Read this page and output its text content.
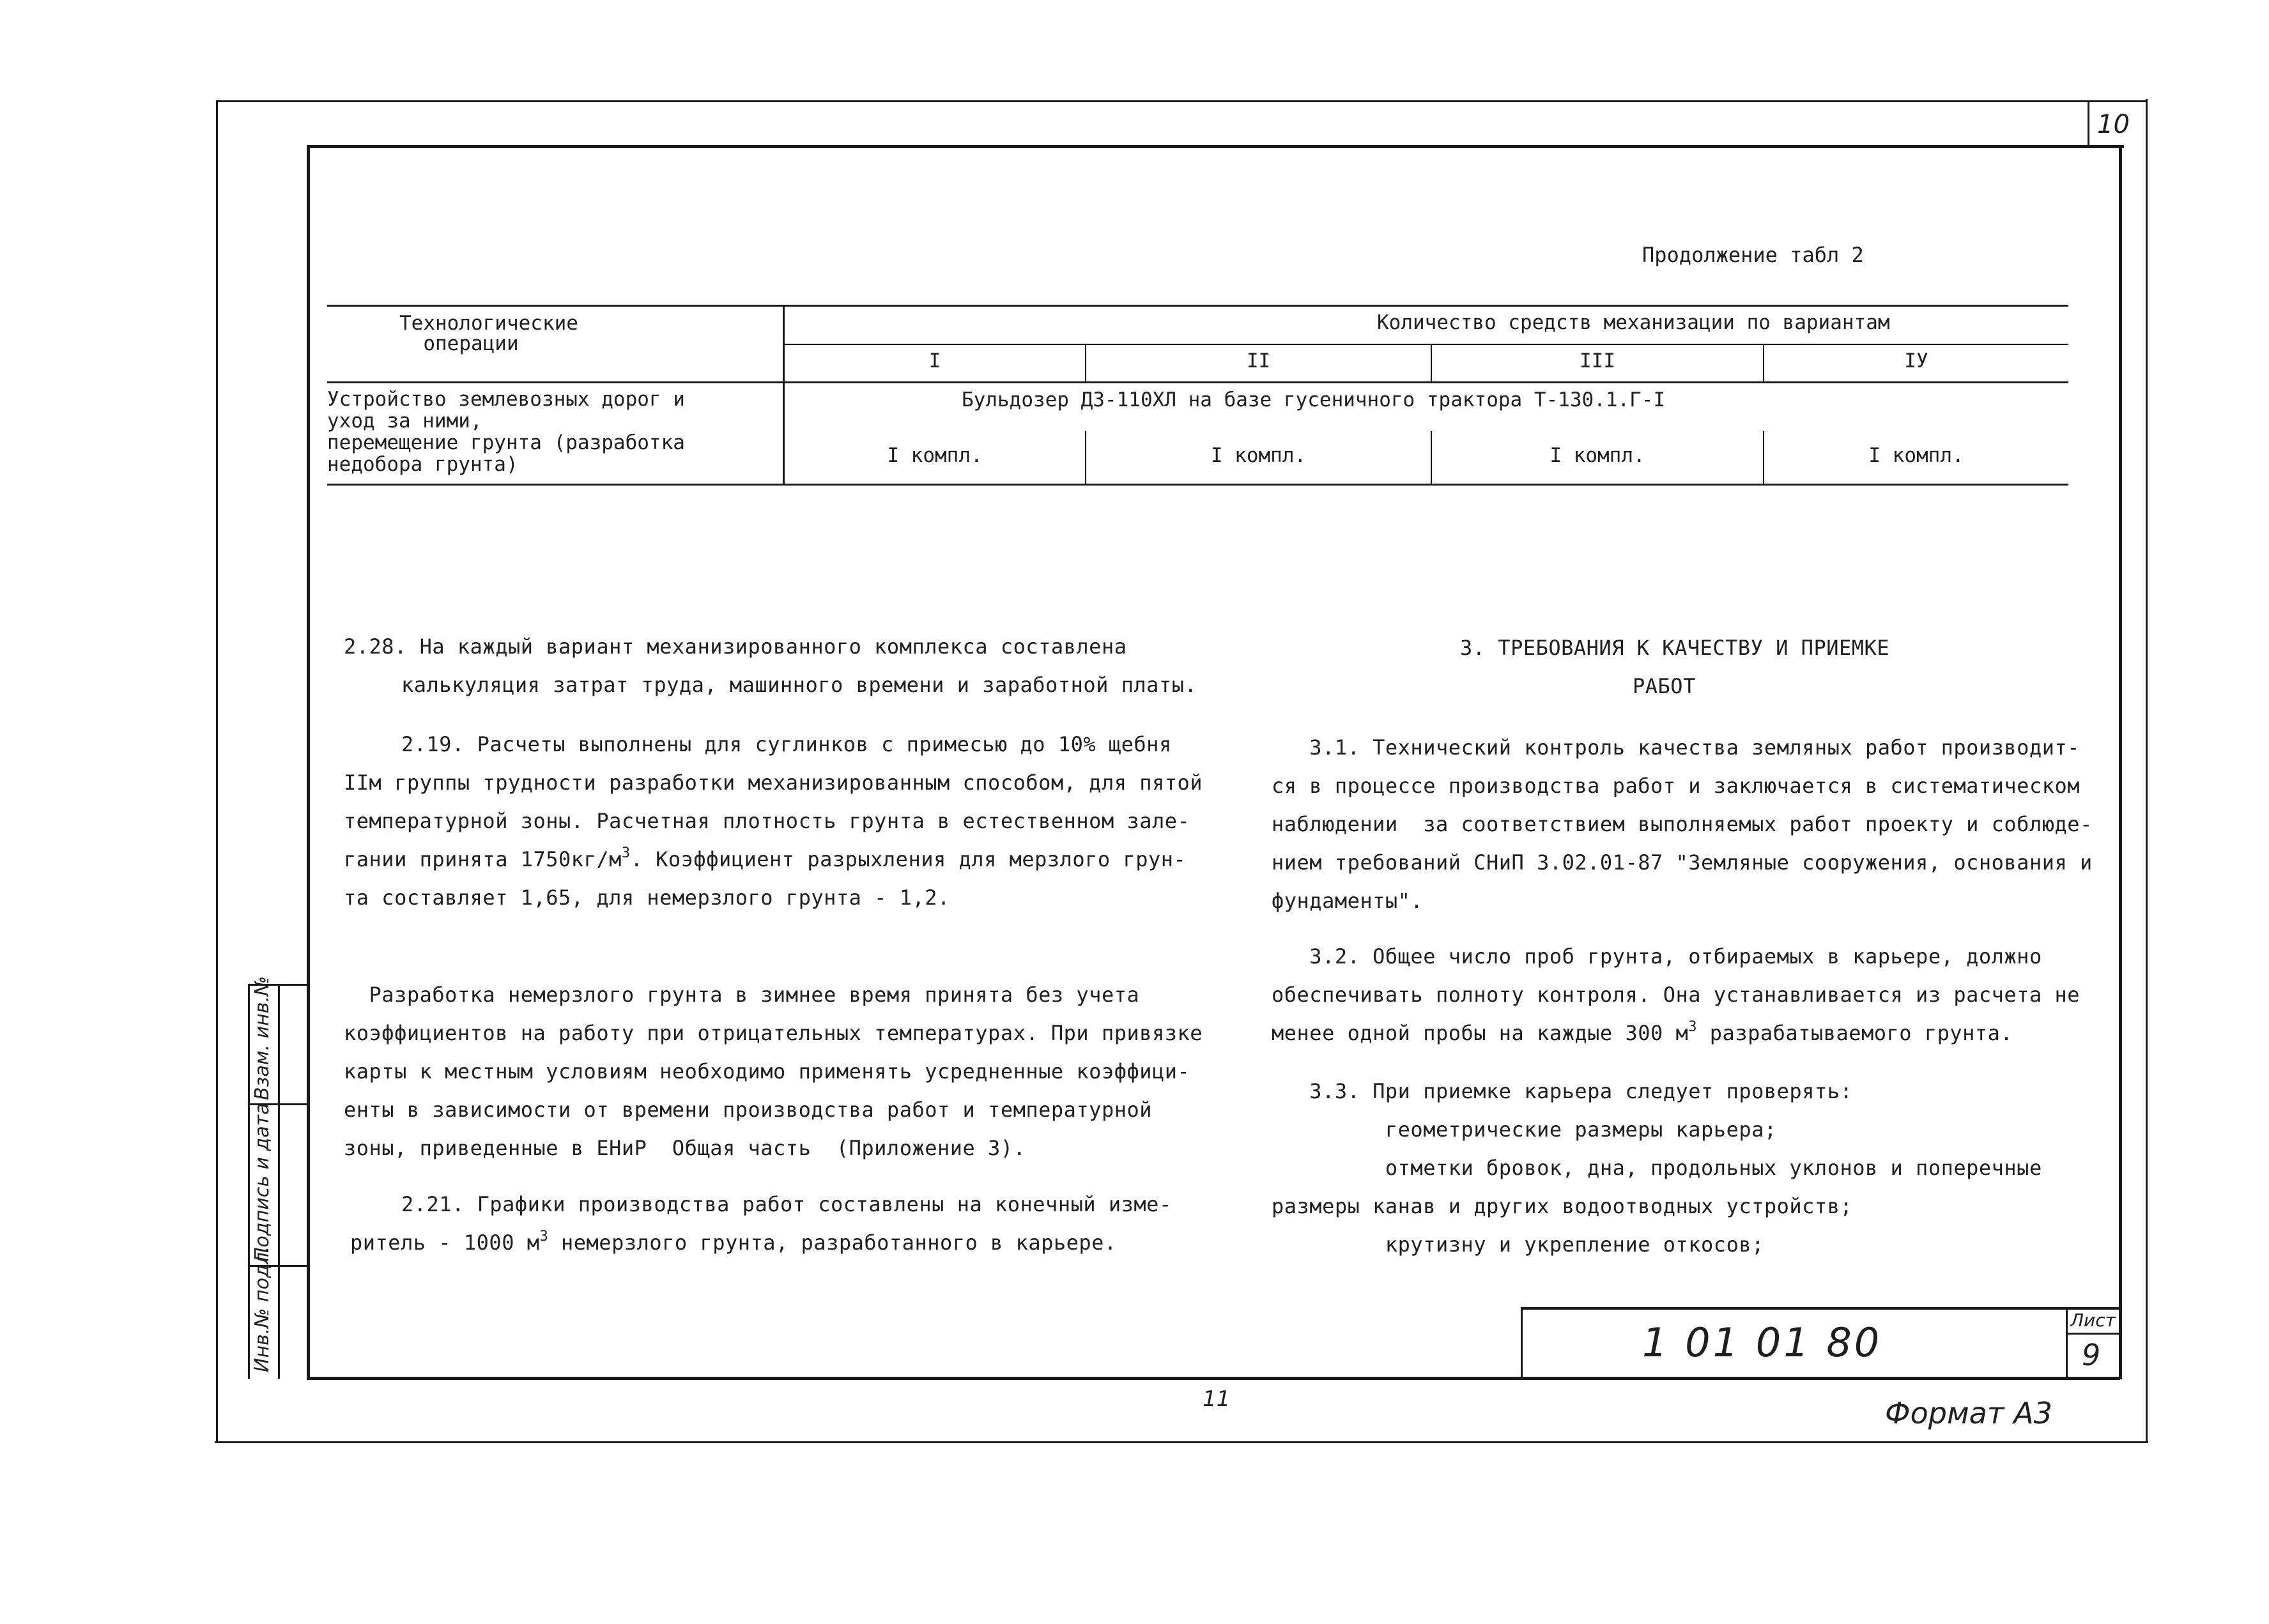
10
Продолжение табл 2
Технологические
операции
Количество средств механизации по вариантам
I	II	III	IУ
Устройство землевозных дорог и
уход за ними,
перемещение грунта (разработка
недобора грунта)
Бульдозер ДЗ-110ХЛ на базе гусеничного трактора Т-130.1.Г-I
I компл.	I компл.	I компл.	I компл.
2.28. На каждый вариант механизированного комплекса составлена
калькуляция затрат труда, машинного времени и заработной платы.
2.19. Расчеты выполнены для суглинков с примесью до 10% щебня
IIм группы трудности разработки механизированным способом, для пятой
температурной зоны. Расчетная плотность грунта в естественном зале-
гании принята $1750кг/м^3$. Коэффициент разрыхления для мерзлого грун-
та составляет 1,65, для немерзлого грунта - 1,2.
Разработка немерзлого грунта в зимнее время принята без учета
коэффициентов на работу при отрицательных температурах. При привязке
карты к местным условиям необходимо применять усредненные коэффици-
енты в зависимости от времени производства работ и температурной
зоны, приведенные в ЕНиР  Общая часть  (Приложение 3).
2.21. Графики производства работ составлены на конечный изме-
ритель - 1000 $м^3$ немерзлого грунта, разработанного в карьере.
3. ТРЕБОВАНИЯ К КАЧЕСТВУ И ПРИЕМКЕ
РАБОТ
3.1. Технический контроль качества земляных работ производит-
ся в процессе производства работ и заключается в систематическом
наблюдении  за соответствием выполняемых работ проекту и соблюде-
нием требований СНиП 3.02.01-87 "Земляные сооружения, основания и
фундаменты".
3.2. Общее число проб грунта, отбираемых в карьере, должно
обеспечивать полноту контроля. Она устанавливается из расчета не
менее одной пробы на каждые 300 $м^3$ разрабатываемого грунта.
3.3. При приемке карьера следует проверять:
геометрические размеры карьера;
отметки бровок, дна, продольных уклонов и поперечные
размеры канав и других водоотводных устройств;
крутизну и укрепление откосов;
Инв.№ подл.
Подпись и дата
Взам. инв.№
1 01 01 80	Лист
9
11	Формат А3
